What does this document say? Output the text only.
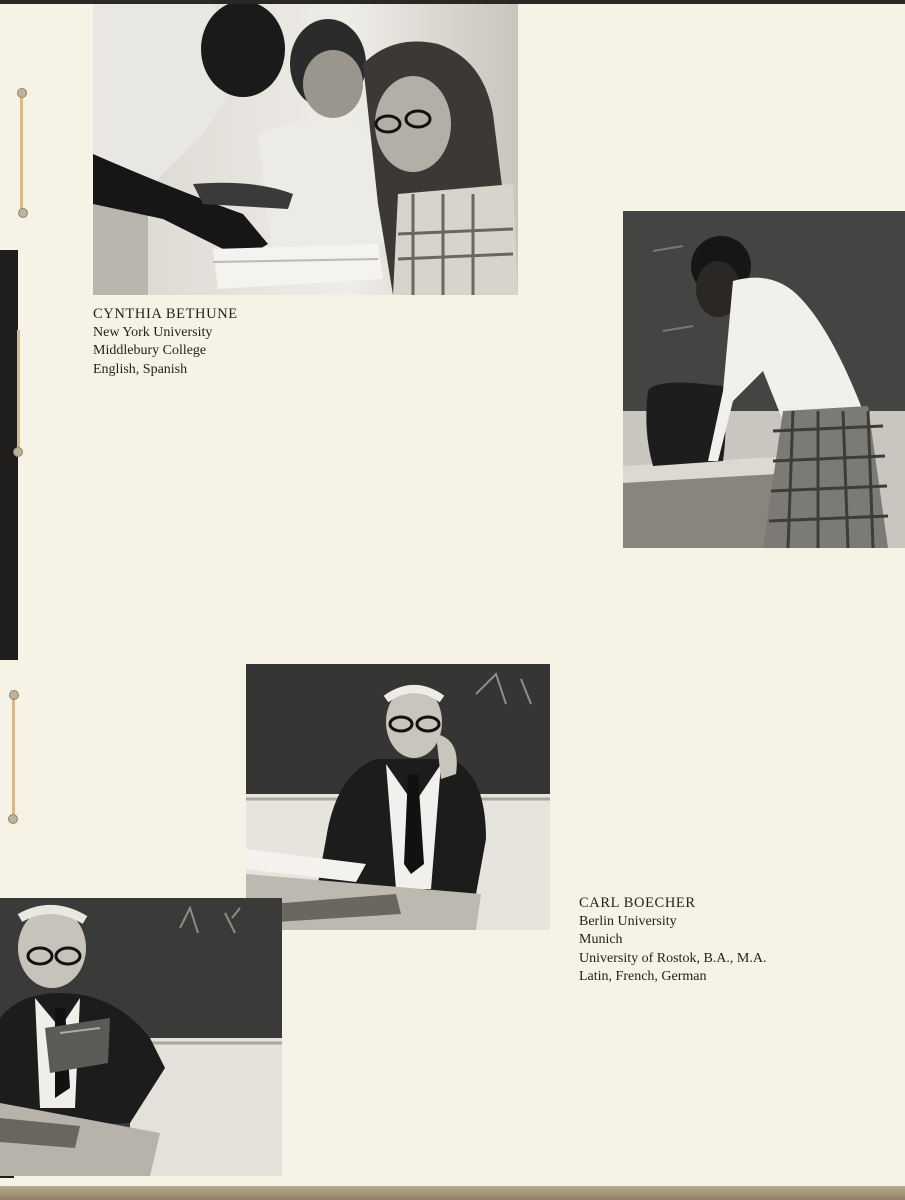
CYNTHIA BETHUNE
New York University
Middlebury College
English, Spanish
CARL BOECHER
Berlin University
Munich
University of Rostok, B.A., M.A.
Latin, French, German
